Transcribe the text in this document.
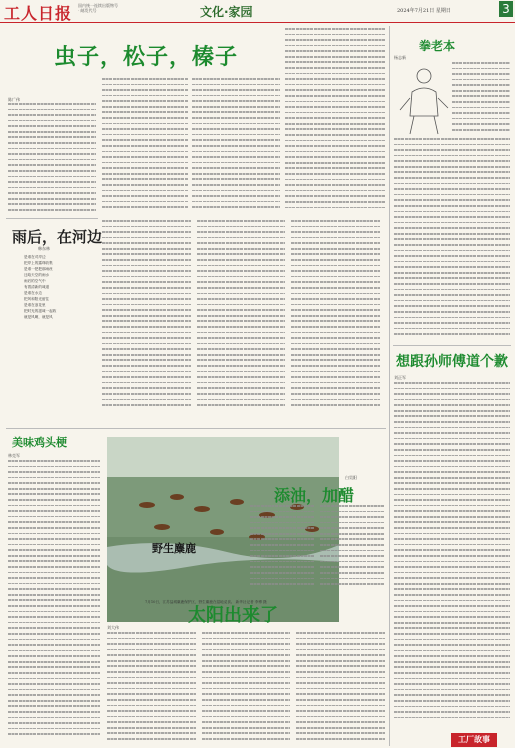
工人日报 国内统一连续出版物号 · 邮发代号	文化·家园	2024年7月21日 星期日	3
虫子，松子，榛子
陈广伟
雨后，在河边
韩东林
是谁在对岸边
把岸上的露珠收集
是谁一把把那雨丝
还给天空的雨水
雨后的空气中
有着清新的味道
是谁在水边
把风和阳光留住
是谁在浪花里
把时光的滋味一起收
就是风啊，就是风
美味鸡头梗
林克军
野生麋鹿
7月10日，江苏盐城麋鹿保护区，野生麋鹿在湿地觅食。 新华社记者 李博 摄
添油，加醋
白昊阳
太阳出来了
刘大伟
拳老本
杨志新
想跟孙师傅道个歉
刘正军
工厂故事
